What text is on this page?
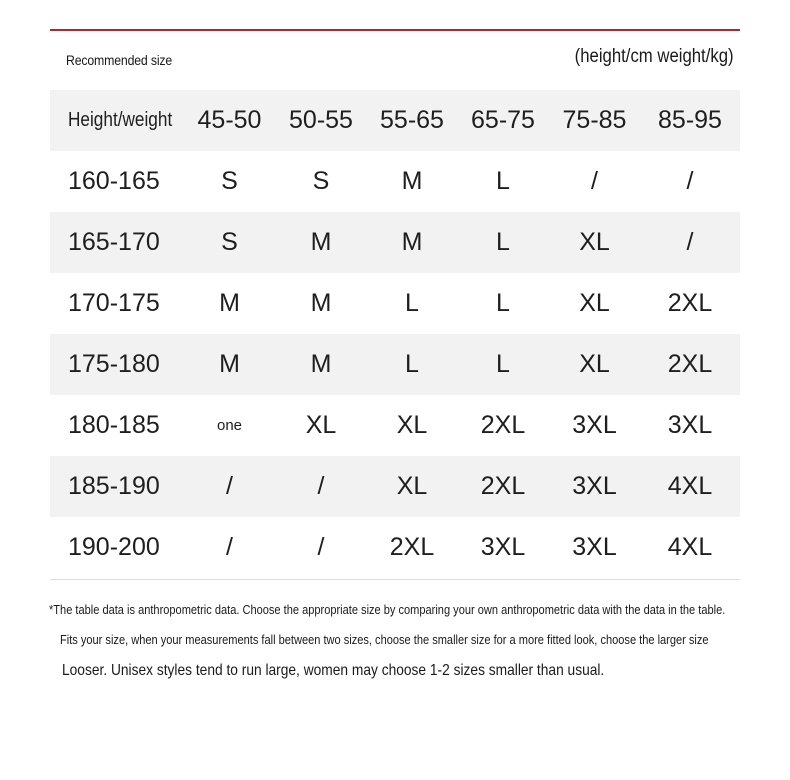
Recommended size	(height/cm weight/kg)
Height/weight	45-50	50-55	55-65	65-75	75-85	85-95
160-165	S	S	M	L	/	/
165-170	S	M	M	L	XL	/
170-175	M	M	L	L	XL	2XL
175-180	M	M	L	L	XL	2XL
180-185	one	XL	XL	2XL	3XL	3XL
185-190	/	/	XL	2XL	3XL	4XL
190-200	/	/	2XL	3XL	3XL	4XL
*The table data is anthropometric data. Choose the appropriate size by comparing your own anthropometric data with the data in the table.
Fits your size, when your measurements fall between two sizes, choose the smaller size for a more fitted look, choose the larger size
Looser. Unisex styles tend to run large, women may choose 1-2 sizes smaller than usual.
